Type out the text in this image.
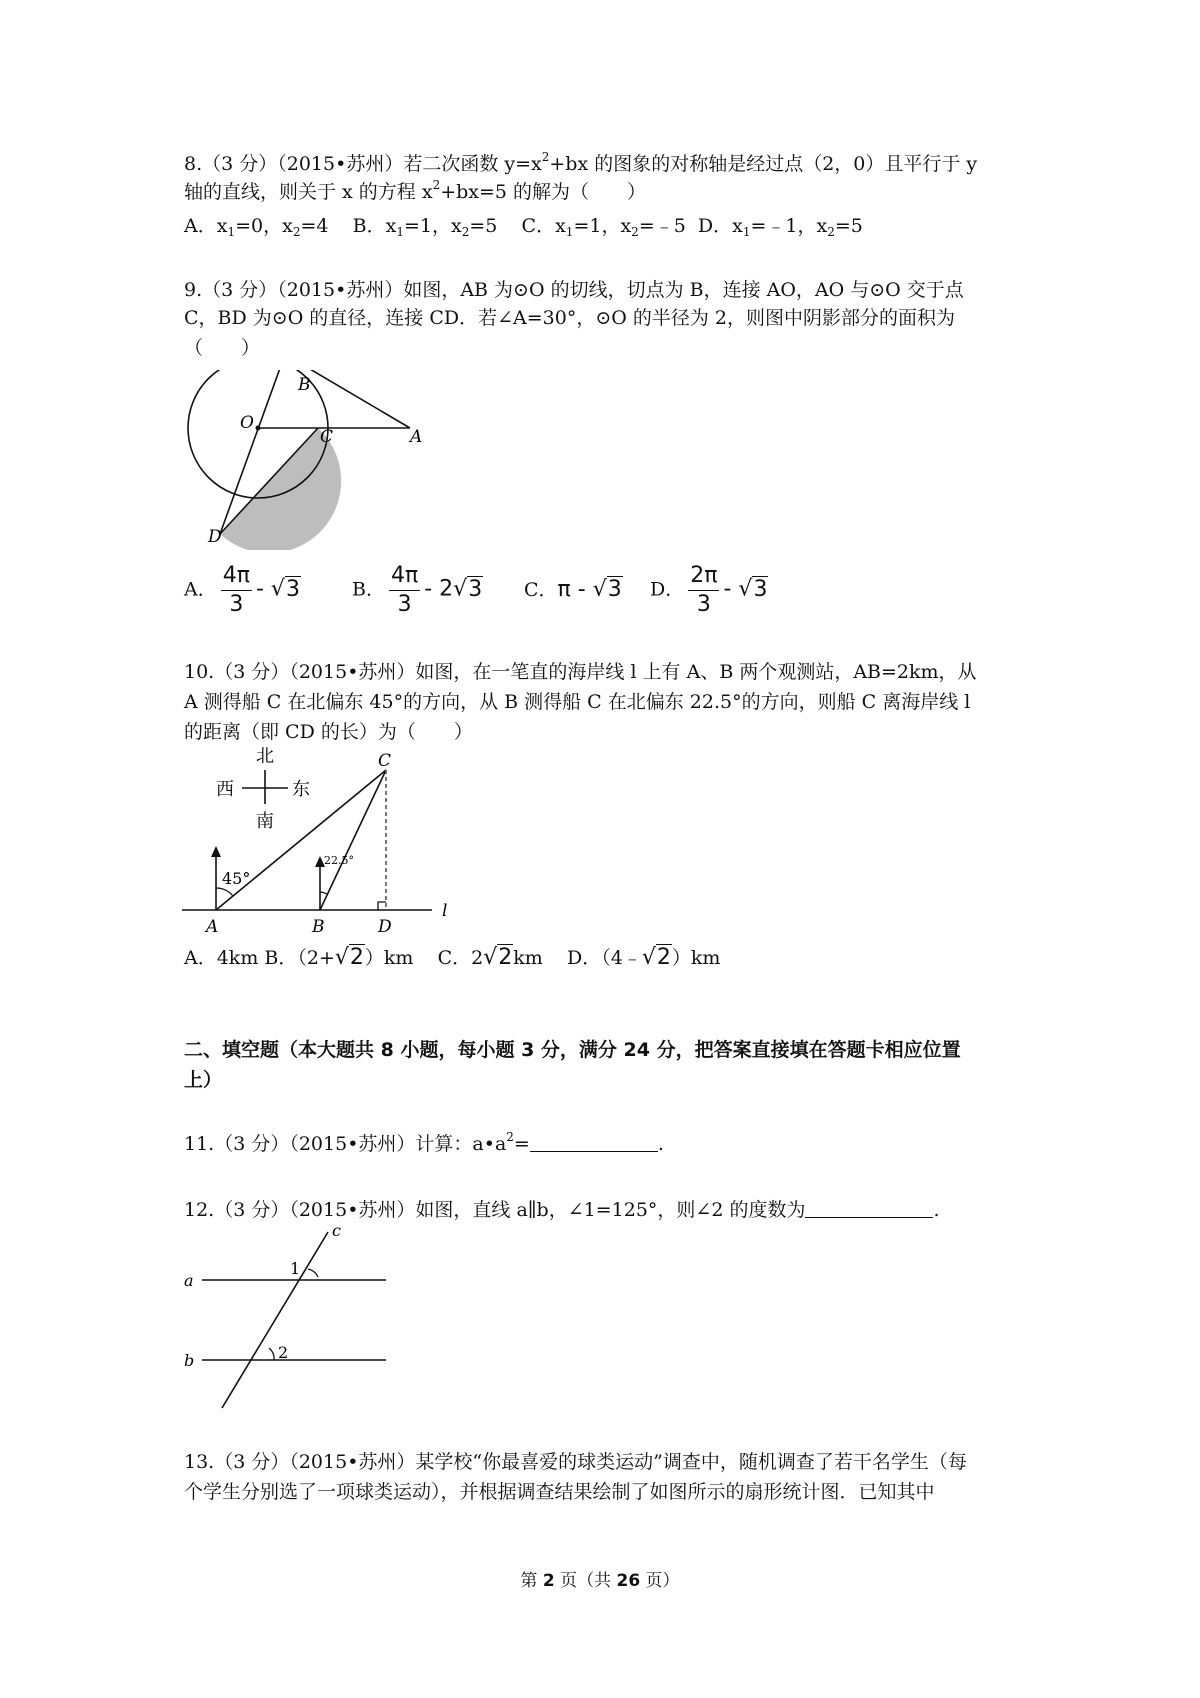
8.（3 分）（2015•苏州）若二次函数 $y=x^2+bx$ 的图象的对称轴是经过点（2，0）且平行于 y
轴的直线，则关于 x 的方程 $x^2+bx=5$ 的解为（　　）
A．$x_1=0$，$x_2=4$ B．$x_1=1$，$x_2=5$ C．$x_1=1$，$x_2=﹣5$ D．$x_1=﹣1$，$x_2=5$
9.（3 分）（2015•苏州）如图，AB 为⊙O 的切线，切点为 B，连接 AO，AO 与⊙O 交于点
C，BD 为⊙O 的直径，连接 CD．若∠A=30°，⊙O 的半径为 2，则图中阴影部分的面积为
（　　）
B
O
C	A
D
A． $\frac{4\pi}{3} - √3$	B． $\frac{4\pi}{3} - 2√3$ C．π - √3 D． $\frac{2\pi}{3} - √3$
10.（3 分）（2015•苏州）如图，在一笔直的海岸线 l 上有 A、B 两个观测站，AB=2km，从
A 测得船 C 在北偏东 45°的方向，从 B 测得船 C 在北偏东 22.5°的方向，则船 C 离海岸线 l
的距离（即 CD 的长）为（　　）
北
西	东
南
45°
22.5°
C
A	B	D
l
A．4km B．（2+√2）km C．2√2km D．（4﹣√2）km
二、填空题（本大题共 8 小题，每小题 3 分，满分 24 分，把答案直接填在答题卡相应位置
上）
11.（3 分）（2015•苏州）计算：$a•a^2=$	.
12.（3 分）（2015•苏州）如图，直线 a∥b，∠1=125°，则∠2 的度数为	.
c
a
b
1
2
13.（3 分）（2015•苏州）某学校“你最喜爱的球类运动”调查中，随机调查了若干名学生（每
个学生分别选了一项球类运动），并根据调查结果绘制了如图所示的扇形统计图．已知其中
第 2 页（共 26 页）
